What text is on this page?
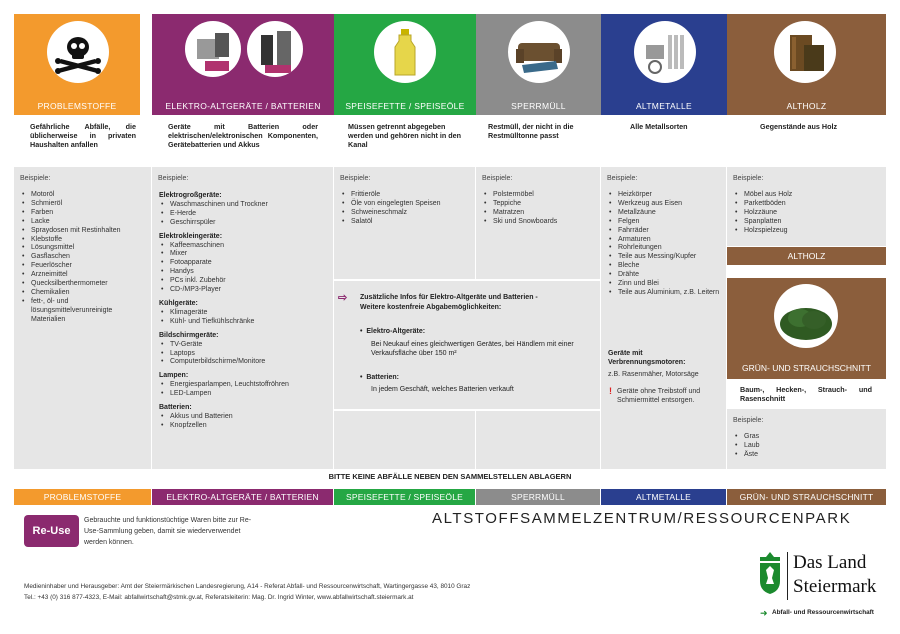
PROBLEMSTOFFE	ELEKTRO-ALTGERÄTE / BATTERIEN	SPEISEFETTE / SPEISEÖLE	SPERRMÜLL	ALTMETALLE	ALTHOLZ
Gefährliche Abfälle, die üblicherweise in privaten Haushalten anfallen
Geräte mit Batterien oder elektrischen/elektronischen Komponenten, Gerätebatterien und Akkus
Müssen getrennt abgegeben werden und gehören nicht in den Kanal
Restmüll, der nicht in die Restmülltonne passt
Alle Metallsorten	Gegenstände aus Holz
Beispiele:
• Motoröl
• Schmieröl
• Farben
• Lacke
• Spraydosen mit Restinhalten
• Klebstoffe
• Lösungsmittel
• Gasflaschen
• Feuerlöscher
• Arzneimittel
• Quecksilberthermometer
• Chemikalien
• fett-, öl- und lösungsmittelverunreinigte Materialien
Beispiele:
Elektrogroßgeräte:
• Waschmaschinen und Trockner
• E-Herde
• Geschirrspüler
Elektrokleingeräte:
• Kaffeemaschinen
• Mixer
• Fotoapparate
• Handys
• PCs inkl. Zubehör
• CD-/MP3-Player
Kühlgeräte:
• Klimageräte
• Kühl- und Tiefkühlschränke
Bildschirmgeräte:
• TV-Geräte
• Laptops
• Computerbildschirme/Monitore
Lampen:
• Energiesparlampen, Leuchtstoffröhren
• LED-Lampen
Batterien:
• Akkus und Batterien
• Knopfzellen
Beispiele:
• Frittieröle
• Öle von eingelegten Speisen
• Schweineschmalz
• Salatöl
Beispiele:
• Polstermöbel
• Teppiche
• Matratzen
• Ski und Snowboards
⇨ Zusätzliche Infos für Elektro-Altgeräte und Batterien -
Weitere kostenfreie Abgabemöglichkeiten:
•  Elektro-Altgeräte:
Bei Neukauf eines gleichwertigen Gerätes, bei Händlern mit einer Verkaufsfläche über 150 m²
•  Batterien:
In jedem Geschäft, welches Batterien verkauft
Beispiele:
• Heizkörper
• Werkzeug aus Eisen
• Metallzäune
• Felgen
• Fahrräder
• Armaturen
• Rohrleitungen
• Teile aus Messing/Kupfer
• Bleche
• Drähte
• Zinn und Blei
• Teile aus Aluminium, z.B. Leitern
Geräte mit Verbrennungsmotoren:
z.B. Rasenmäher, Motorsäge
! Geräte ohne Treibstoff und Schmiermittel entsorgen.
Beispiele:
• Möbel aus Holz
• Parkettböden
• Holzzäune
• Spanplatten
• Holzspielzeug
ALTHOLZ
GRÜN- UND STRAUCHSCHNITT
Baum-, Hecken-, Strauch- und Rasenschnitt
Beispiele:
• Gras
• Laub
• Äste
BITTE KEINE ABFÄLLE NEBEN DEN SAMMELSTELLEN ABLAGERN
PROBLEMSTOFFE	ELEKTRO-ALTGERÄTE / BATTERIEN	SPEISEFETTE / SPEISEÖLE	SPERRMÜLL	ALTMETALLE	GRÜN- UND STRAUCHSCHNITT
Re-Use
Gebrauchte und funktionstüchtige Waren bitte zur Re-Use-Sammlung geben, damit sie wiederverwendet werden können.
ALTSTOFFSAMMELZENTRUM/RESSOURCENPARK
Medieninhaber und Herausgeber: Amt der Steiermärkischen Landesregierung, A14 - Referat Abfall- und Ressourcenwirtschaft, Wartingergasse 43, 8010 Graz
Tel.: +43 (0) 316 877-4323, E-Mail: abfallwirtschaft@stmk.gv.at, Referatsleiterin: Mag. Dr. Ingrid Winter, www.abfallwirtschaft.steiermark.at
Das Land
Steiermark
➜ Abfall- und Ressourcenwirtschaft
